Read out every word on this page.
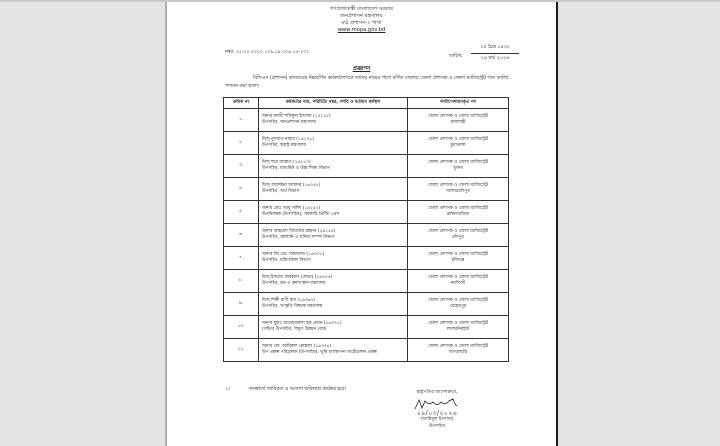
গণপ্রজাতন্ত্রী বাংলাদেশ সরকার
জনপ্রশাসন মন্ত্রণালয়
মাঠ প্রশাসন-২ শাখা
www.mopa.gov.bd
নম্বর: ০৫.০০.০০০০.১৩৯.১৯.০০৬.২৫-২০২
১৫ চৈত্র ১৪৩২
তারিখ:	২৯ মার্চ ২০২৬
প্রজ্ঞাপন
বিসিএস (প্রশাসন) ক্যাডারের নিম্নবর্ণিত কর্মকর্তাগণকে তাদের নামের পাশে বর্ণিত জেলায় জেলা প্রশাসক ও জেলা ম্যাজিস্ট্রেট পদে বদলি/পদায়ন করা হলো:
ক্রমিক নং	কর্মকর্তার নাম, পরিচিতি নম্বর, পদবি ও বর্তমান কর্মস্থল	বদলি/পদায়নকৃত পদ
১.	জনাব কাজী শফিকুল ইসলাম (১৫১২৮)
উপসচিব, জনপ্রশাসন মন্ত্রণালয়	জেলা প্রশাসক ও জেলা ম্যাজিস্ট্রেট
রাজশাহী

২.	মিজ্ নুসরাত নাহার (১৬১০৮)
উপসচিব, স্বরাষ্ট্র মন্ত্রণালয়	জেলা প্রশাসক ও জেলা ম্যাজিস্ট্রেট
চুয়াডাঙ্গা

৩.	মিজ্ হুরে জান্নাত (১৬১১৩)
উপসচিব, মাধ্যমিক ও উচ্চ শিক্ষা বিভাগ	জেলা প্রশাসক ও জেলা ম্যাজিস্ট্রেট
খুলনা

৪.	মিজ্ আফরিনা আক্তার (১৬২৪৮)
উপসচিব, অর্থ বিভাগ	জেলা প্রশাসক ও জেলা ম্যাজিস্ট্রেট
যশোর/চাঁদপুর

৫.	জনাব মোঃ আবু সাঈদ (১৬২৫২)
উপনিয়ন্ত্রক (উপসচিব), সরকারি প্রিন্টিং প্রেস	জেলা প্রশাসক ও জেলা ম্যাজিস্ট্রেট
ব্রাহ্মণবাড়িয়া

৬.	জনাব আহমেদ জিয়াউর রহমান (১৬২৫৪)
উপসচিব, জ্বালানি ও খনিজ সম্পদ বিভাগ	জেলা প্রশাসক ও জেলা ম্যাজিস্ট্রেট
চাঁদপুর

৭.	জনাব জি.এম. সরফরাজ (১৬৩৩১)
উপসচিব, মন্ত্রিপরিষদ বিভাগ	জেলা প্রশাসক ও জেলা ম্যাজিস্ট্রেট
হবিগঞ্জ

৮.	মিজ্ ইসরাত ফারহানা (লেভা) (১৬৩৫৪)
উপসচিব, শ্রম ও কর্মসংস্থান মন্ত্রণালয়	জেলা প্রশাসক ও জেলা ম্যাজিস্ট্রেট
নরসিংদী

৯.	মিজ্ শিল্পী রাণী রায় (১৬৩৬৭)
উপসচিব, সংস্কৃতি বিষয়ক মন্ত্রণালয়	জেলা প্রশাসক ও জেলা ম্যাজিস্ট্রেট
মেহেরপুর

১০.	জনাব মুহাঃ আনোয়ারুল হক প্রধান (১৬৩৭৮)
(সচিব) উপসচিব, বিদ্যুৎ উন্নয়ন বোর্ড	জেলা প্রশাসক ও জেলা ম্যাজিস্ট্রেট
লালমনিরহাট

১১.	জনাব মো: আমিরুল মোস্তফা (১৬৩৫৪)
উপ প্রকল্প পরিচালক (উপসচিব), ভূমি ব্যবস্থাপনা অটোমেশন প্রকল্প	জেলা প্রশাসক ও জেলা ম্যাজিস্ট্রেট
খাগড়াছড়ি
২।	জনস্বার্থে জারিকৃত এ আদেশ অবিলম্বে কার্যকর হবে।
রাষ্ট্রপতির আদেশক্রমে,
২৯/০৩/২০২৬
(আমিনুল ইসলাম)
উপসচিব
